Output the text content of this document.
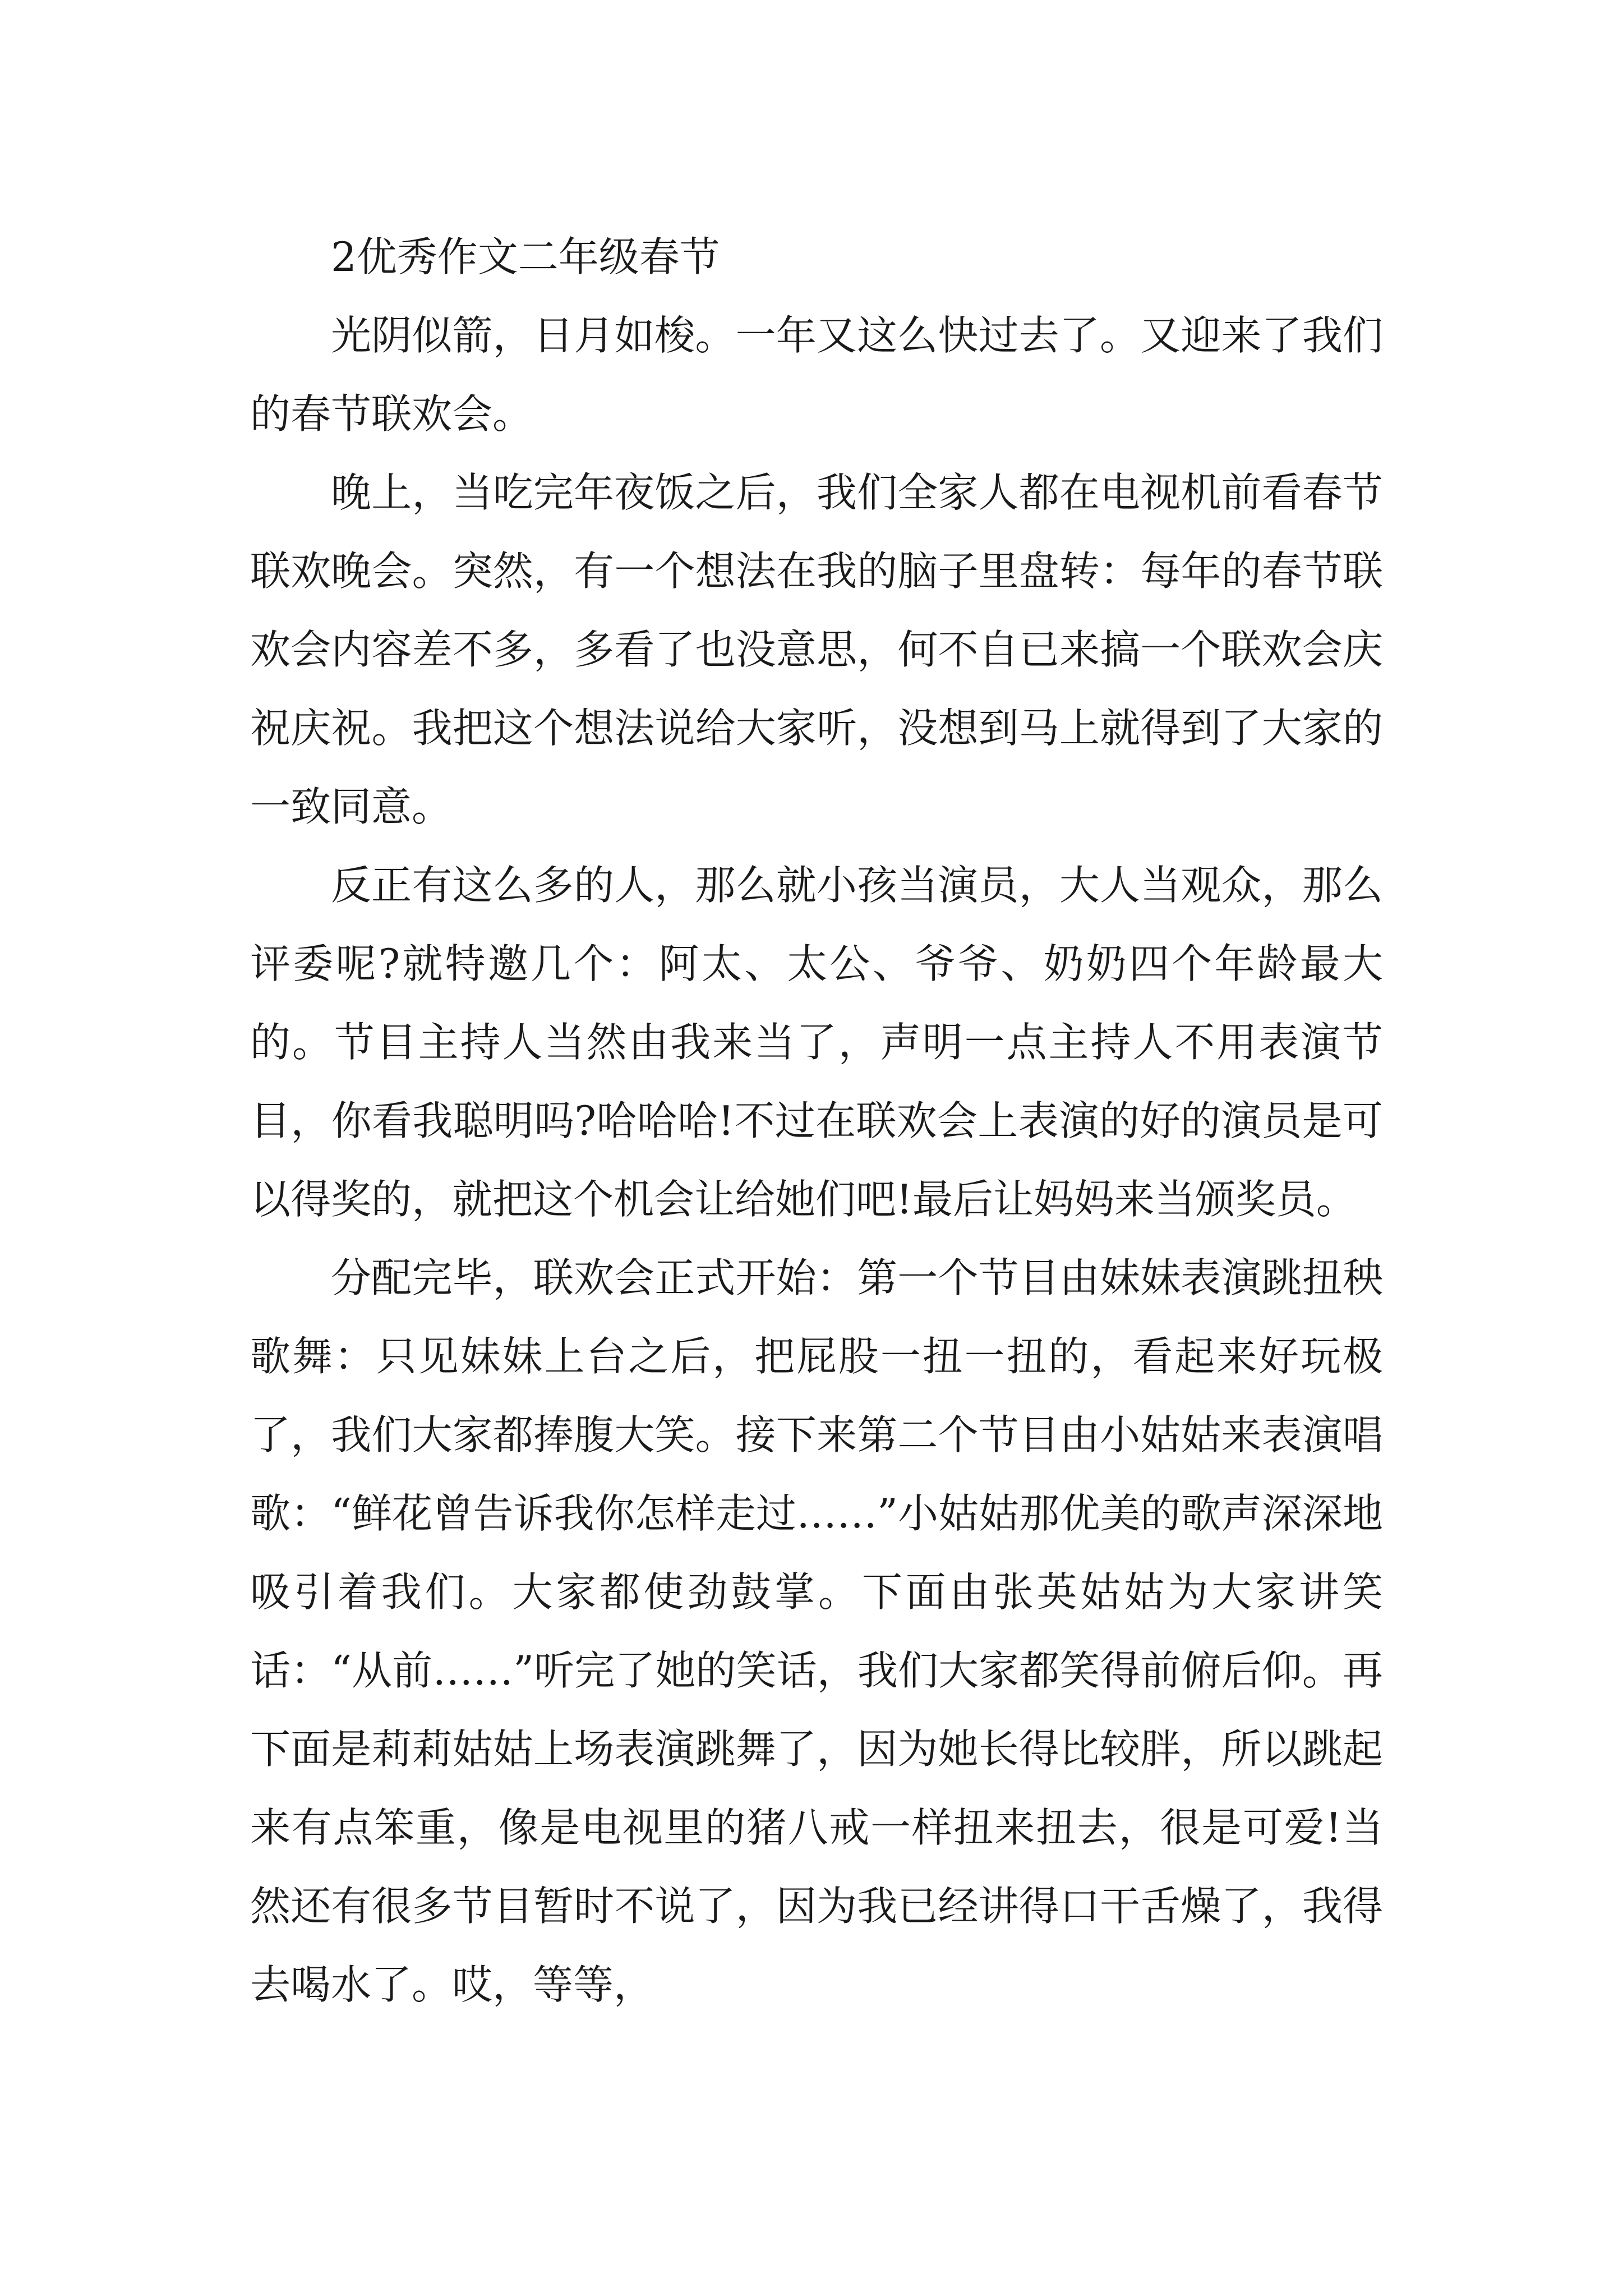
2优秀作文二年级春节

光阴似箭，日月如梭。一年又这么快过去了。又迎来了我们的春节联欢会。

晚上，当吃完年夜饭之后，我们全家人都在电视机前看春节联欢晚会。突然，有一个想法在我的脑子里盘转：每年的春节联欢会内容差不多，多看了也没意思，何不自已来搞一个联欢会庆祝庆祝。我把这个想法说给大家听，没想到马上就得到了大家的一致同意。

反正有这么多的人，那么就小孩当演员，大人当观众，那么评委呢?就特邀几个：阿太、太公、爷爷、奶奶四个年龄最大的。节目主持人当然由我来当了，声明一点主持人不用表演节目，你看我聪明吗?哈哈哈!不过在联欢会上表演的好的演员是可以得奖的，就把这个机会让给她们吧!最后让妈妈来当颁奖员。

分配完毕，联欢会正式开始：第一个节目由妹妹表演跳扭秧歌舞：只见妹妹上台之后，把屁股一扭一扭的，看起来好玩极了，我们大家都捧腹大笑。接下来第二个节目由小姑姑来表演唱歌：“鲜花曾告诉我你怎样走过……”小姑姑那优美的歌声深深地吸引着我们。大家都使劲鼓掌。下面由张英姑姑为大家讲笑话：“从前……”听完了她的笑话，我们大家都笑得前俯后仰。再下面是莉莉姑姑上场表演跳舞了，因为她长得比较胖，所以跳起来有点笨重，像是电视里的猪八戒一样扭来扭去，很是可爱!当然还有很多节目暂时不说了，因为我已经讲得口干舌燥了，我得去喝水了。哎，等等，
